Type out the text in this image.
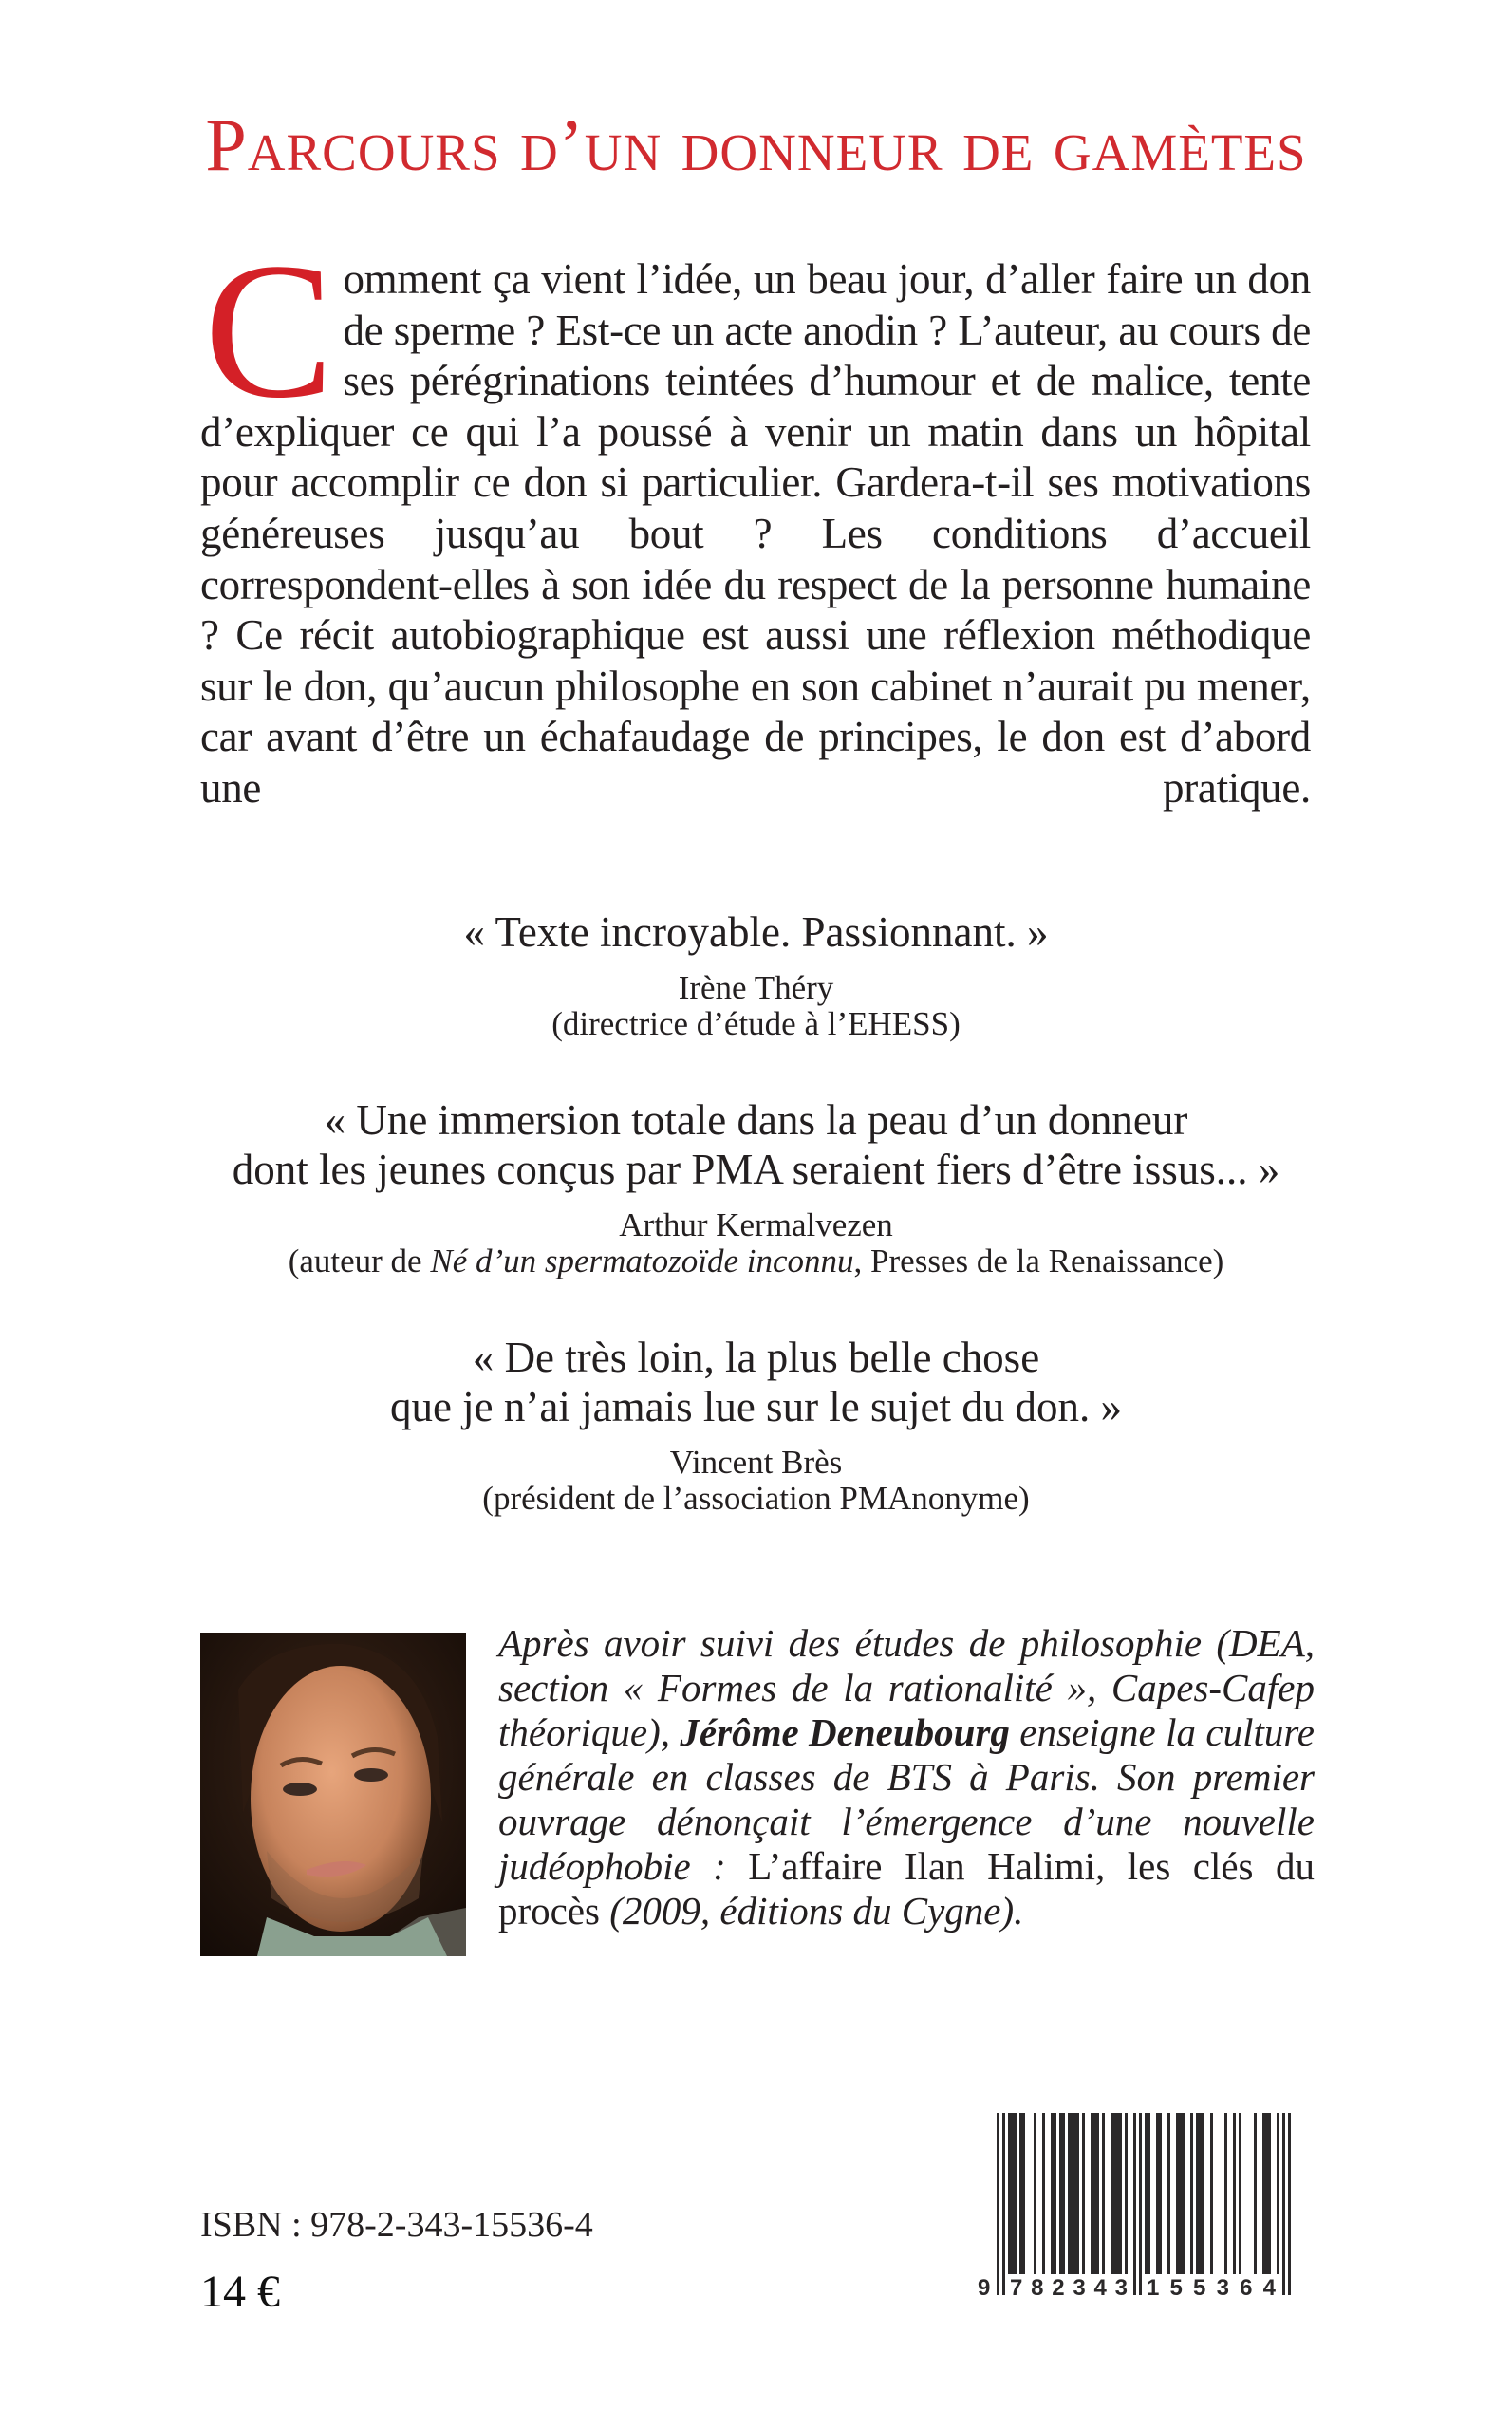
Parcours d’un donneur de gamètes
C omment ça vient l’idée, un beau jour, d’aller faire un don de sperme ? Est-ce un acte anodin ? L’auteur, au cours de ses pérégrinations teintées d’humour et de malice, tente d’expliquer ce qui l’a poussé à venir un matin dans un hôpital pour accomplir ce don si particulier. Gardera-t-il ses motivations généreuses jusqu’au bout ? Les conditions d’accueil correspondent-elles à son idée du respect de la personne humaine ? Ce récit autobiographique est aussi une réflexion méthodique sur le don, qu’aucun philosophe en son cabinet n’aurait pu mener, car avant d’être un échafaudage de principes, le don est d’abord une pratique.
« Texte incroyable. Passionnant. »
Irène Théry
(directrice d’étude à l’EHESS)
« Une immersion totale dans la peau d’un donneur
dont les jeunes conçus par PMA seraient fiers d’être issus... »
Arthur Kermalvezen
(auteur de Né d’un spermatozoïde inconnu, Presses de la Renaissance)
« De très loin, la plus belle chose
que je n’ai jamais lue sur le sujet du don. »
Vincent Brès
(président de l’association PMAnonyme)
Après avoir suivi des études de philosophie (DEA, section « Formes de la rationalité », Capes-Cafep théorique), Jérôme Deneubourg enseigne la culture générale en classes de BTS à Paris. Son premier ouvrage dénonçait l’émergence d’une nouvelle judéophobie : L’affaire Ilan Halimi, les clés du procès (2009, éditions du Cygne).
ISBN : 978-2-343-15536-4
14 €	9 782343 155364
